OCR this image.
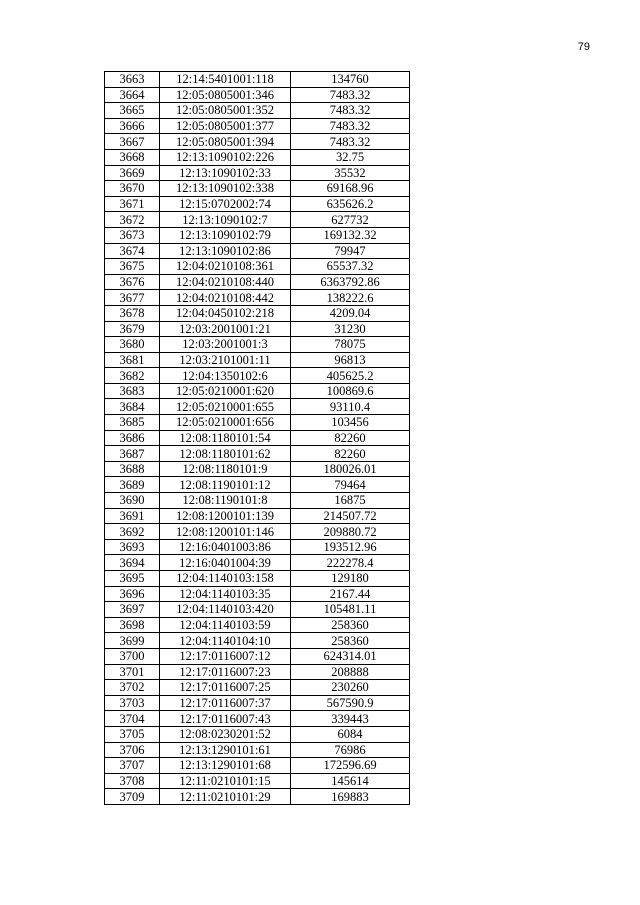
79
3663	12:14:5401001:118	134760
3664	12:05:0805001:346	7483.32
3665	12:05:0805001:352	7483.32
3666	12:05:0805001:377	7483.32
3667	12:05:0805001:394	7483.32
3668	12:13:1090102:226	32.75
3669	12:13:1090102:33	35532
3670	12:13:1090102:338	69168.96
3671	12:15:0702002:74	635626.2
3672	12:13:1090102:7	627732
3673	12:13:1090102:79	169132.32
3674	12:13:1090102:86	79947
3675	12:04:0210108:361	65537.32
3676	12:04:0210108:440	6363792.86
3677	12:04:0210108:442	138222.6
3678	12:04:0450102:218	4209.04
3679	12:03:2001001:21	31230
3680	12:03:2001001:3	78075
3681	12:03:2101001:11	96813
3682	12:04:1350102:6	405625.2
3683	12:05:0210001:620	100869.6
3684	12:05:0210001:655	93110.4
3685	12:05:0210001:656	103456
3686	12:08:1180101:54	82260
3687	12:08:1180101:62	82260
3688	12:08:1180101:9	180026.01
3689	12:08:1190101:12	79464
3690	12:08:1190101:8	16875
3691	12:08:1200101:139	214507.72
3692	12:08:1200101:146	209880.72
3693	12:16:0401003:86	193512.96
3694	12:16:0401004:39	222278.4
3695	12:04:1140103:158	129180
3696	12:04:1140103:35	2167.44
3697	12:04:1140103:420	105481.11
3698	12:04:1140103:59	258360
3699	12:04:1140104:10	258360
3700	12:17:0116007:12	624314.01
3701	12:17:0116007:23	208888
3702	12:17:0116007:25	230260
3703	12:17:0116007:37	567590.9
3704	12:17:0116007:43	339443
3705	12:08:0230201:52	6084
3706	12:13:1290101:61	76986
3707	12:13:1290101:68	172596.69
3708	12:11:0210101:15	145614
3709	12:11:0210101:29	169883
